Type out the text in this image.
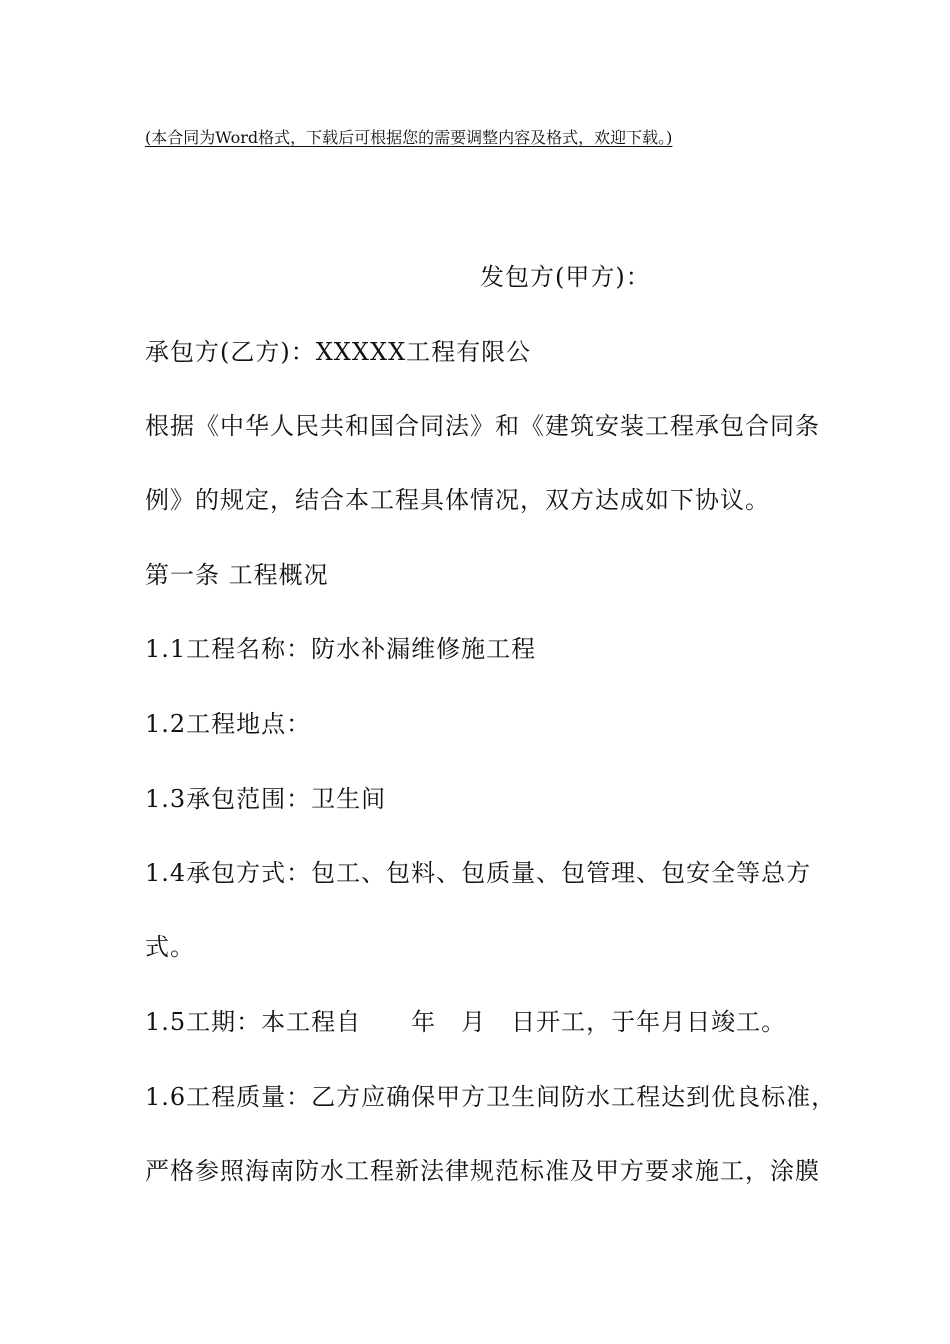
(本合同为Word格式，下载后可根据您的需要调整内容及格式，欢迎下载。)
发包方(甲方)：
承包方(乙方)：XXXXX工程有限公
根据《中华人民共和国合同法》和《建筑安装工程承包合同条
例》的规定，结合本工程具体情况，双方达成如下协议。
第一条 工程概况
1.1工程名称：防水补漏维修施工程
1.2工程地点：
1.3承包范围：卫生间
1.4承包方式：包工、包料、包质量、包管理、包安全等总方
式。
1.5工期：本工程自　　年　月　日开工，于年月日竣工。
1.6工程质量：乙方应确保甲方卫生间防水工程达到优良标准，
严格参照海南防水工程新法律规范标准及甲方要求施工，涂膜
